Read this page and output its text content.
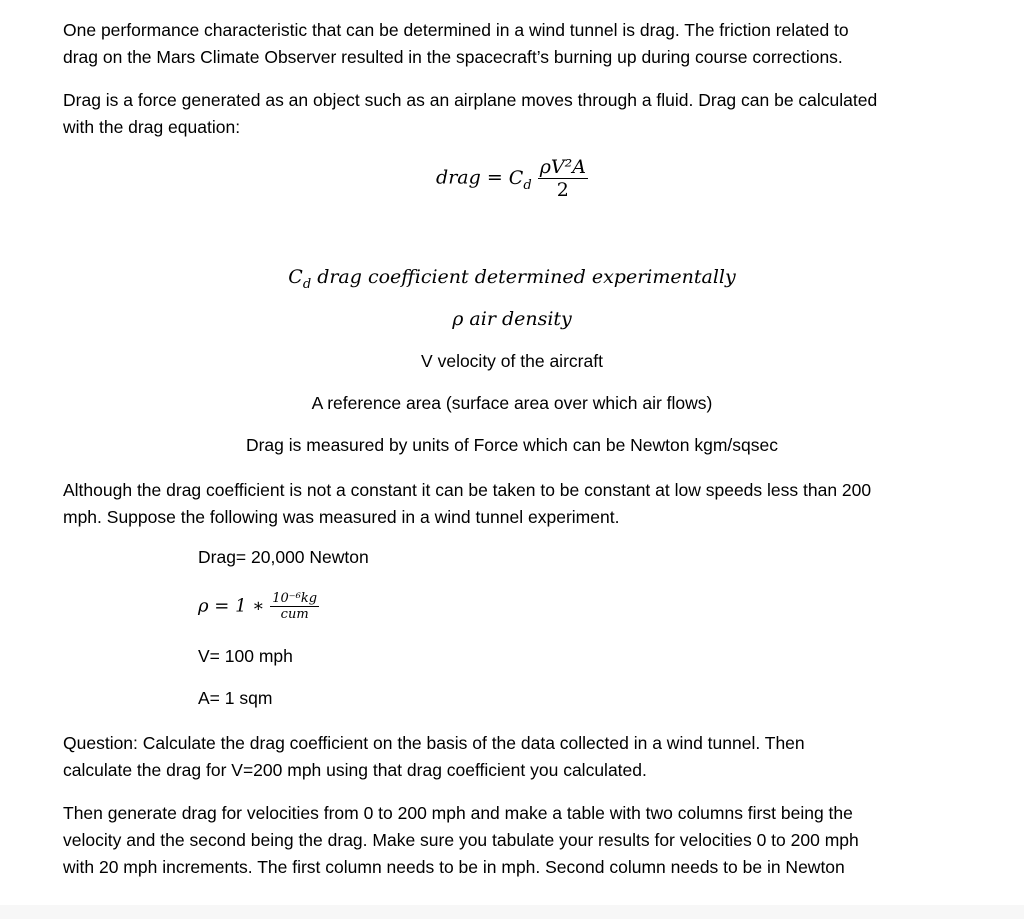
One performance characteristic that can be determined in a wind tunnel is drag. The friction related to
drag on the Mars Climate Observer resulted in the spacecraft’s burning up during course corrections.
Drag is a force generated as an object such as an airplane moves through a fluid. Drag can be calculated
with the drag equation:
drag = $C_d \frac{\text{ρV²A}}{2}$
$C_d$ drag coefficient determined experimentally
ρ air density
V velocity of the aircraft
A reference area (surface area over which air flows)
Drag is measured by units of Force which can be Newton kgm/sqsec
Although the drag coefficient is not a constant it can be taken to be constant at low speeds less than 200
mph. Suppose the following was measured in a wind tunnel experiment.
Drag= 20,000 Newton
ρ = 1 ∗ $\frac{\text{10⁻⁶kg}}{\text{cum}}$
V= 100 mph
A= 1 sqm
Question: Calculate the drag coefficient on the basis of the data collected in a wind tunnel. Then
calculate the drag for V=200 mph using that drag coefficient you calculated.
Then generate drag for velocities from 0 to 200 mph and make a table with two columns first being the
velocity and the second being the drag. Make sure you tabulate your results for velocities 0 to 200 mph
with 20 mph increments. The first column needs to be in mph. Second column needs to be in Newton
